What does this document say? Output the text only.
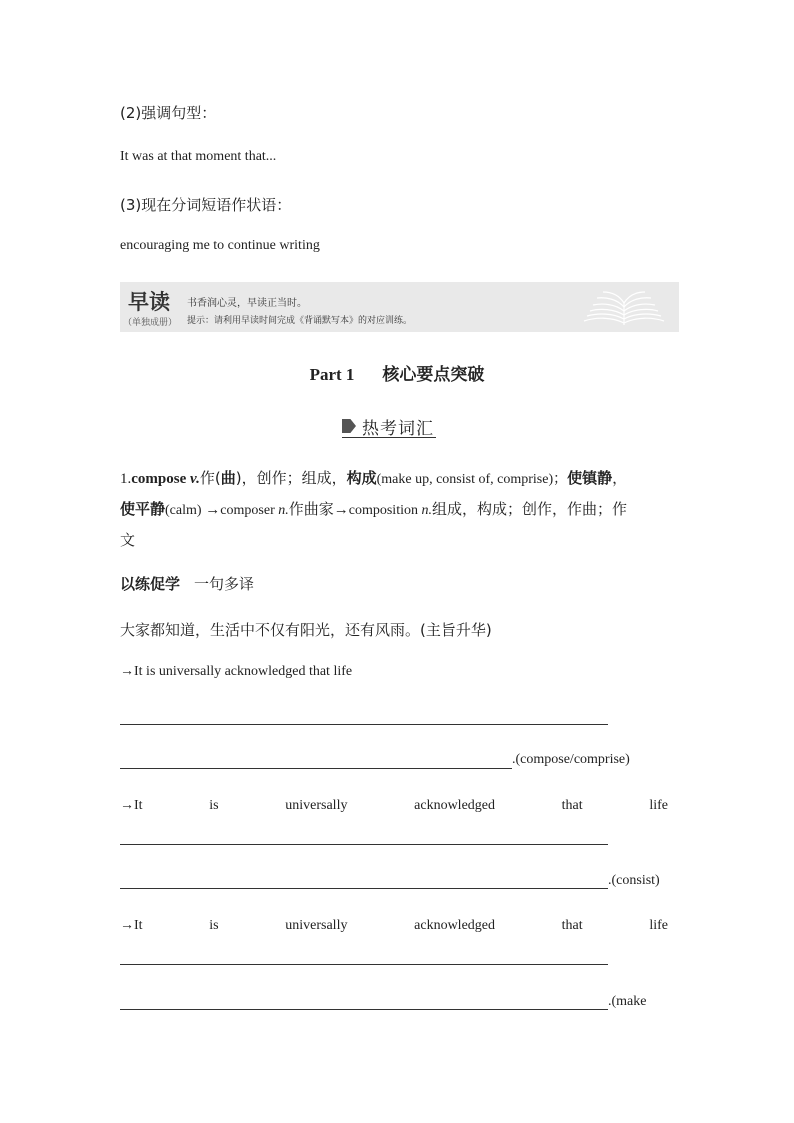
(2)强调句型：
It was at that moment that...
(3)现在分词短语作状语：
encouraging me to continue writing
早读
（单独成册）
书香润心灵，早读正当时。
提示：请利用早读时间完成《背诵默写本》的对应训练。
Part 1 核心要点突破
热考词汇
1.compose v.作(曲)，创作；组成，构成(make up, consist of, comprise)；使镇静，
使平静(calm) →composer n.作曲家→composition n.组成，构成；创作，作曲；作
文
以练促学 一句多译
大家都知道，生活中不仅有阳光，还有风雨。(主旨升华)
→It is universally acknowledged that life
.(compose/comprise)
→It	is	universally	acknowledged	that	life
.(consist)
→It	is	universally	acknowledged	that	life
.(make
